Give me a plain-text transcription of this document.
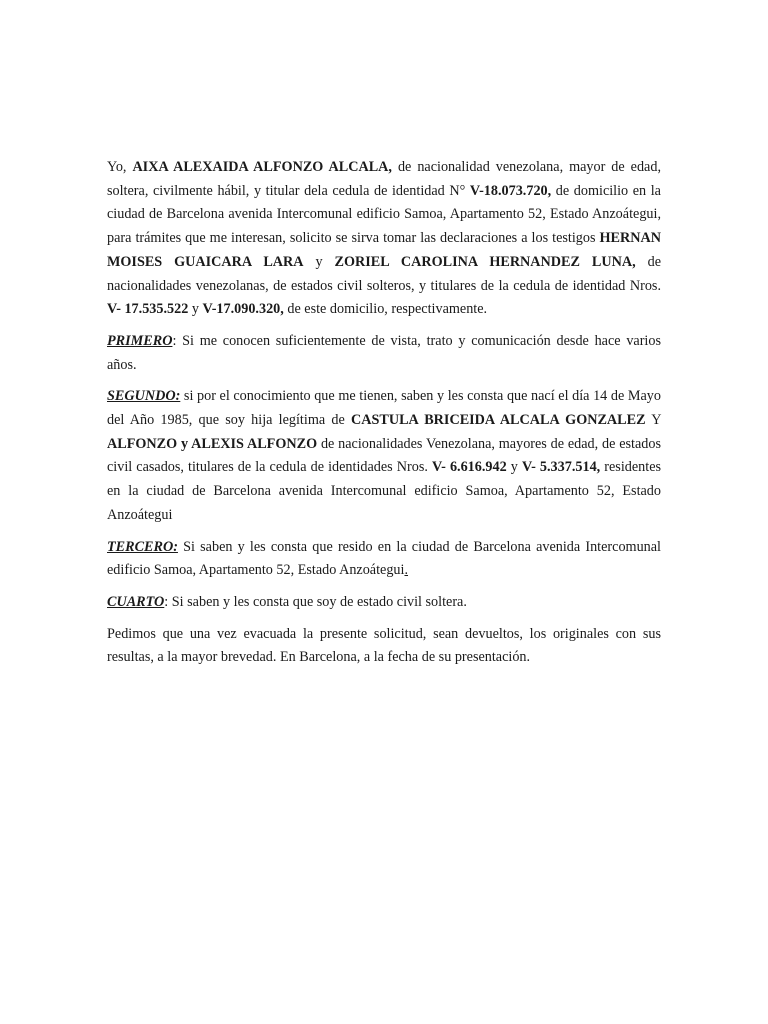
Yo, AIXA ALEXAIDA ALFONZO ALCALA, de nacionalidad venezolana, mayor de edad, soltera, civilmente hábil, y titular dela cedula de identidad N° V-18.073.720, de domicilio en la ciudad de Barcelona avenida Intercomunal edificio Samoa, Apartamento 52, Estado Anzoátegui, para trámites que me interesan, solicito se sirva tomar las declaraciones a los testigos HERNAN MOISES GUAICARA LARA y ZORIEL CAROLINA HERNANDEZ LUNA, de nacionalidades venezolanas, de estados civil solteros, y titulares de la cedula de identidad Nros. V- 17.535.522 y V-17.090.320, de este domicilio, respectivamente.

PRIMERO: Si me conocen suficientemente de vista, trato y comunicación desde hace varios años.

SEGUNDO: si por el conocimiento que me tienen, saben y les consta que nací el día 14 de Mayo del Año 1985, que soy hija legítima de CASTULA BRICEIDA ALCALA GONZALEZ Y ALFONZO y ALEXIS ALFONZO de nacionalidades Venezolana, mayores de edad, de estados civil casados, titulares de la cedula de identidades Nros. V- 6.616.942 y V- 5.337.514, residentes en la ciudad de Barcelona avenida Intercomunal edificio Samoa, Apartamento 52, Estado Anzoátegui

TERCERO: Si saben y les consta que resido en la ciudad de Barcelona avenida Intercomunal edificio Samoa, Apartamento 52, Estado Anzoátegui.

CUARTO: Si saben y les consta que soy de estado civil soltera.

Pedimos que una vez evacuada la presente solicitud, sean devueltos, los originales con sus resultas, a la mayor brevedad. En Barcelona, a la fecha de su presentación.
